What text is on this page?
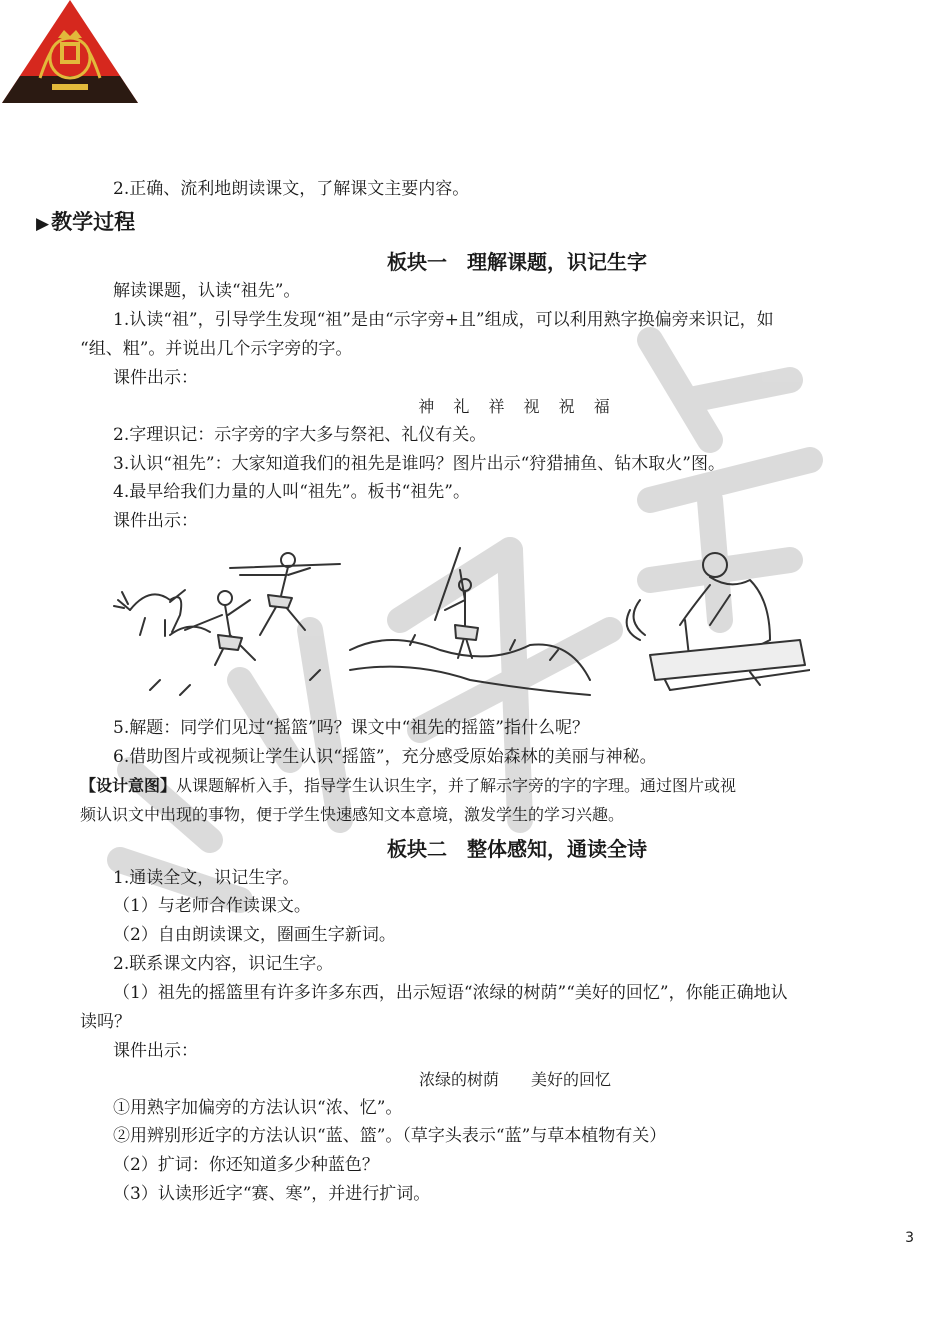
2.正确、流利地朗读课文，了解课文主要内容。
▶教学过程
板块一　理解课题，识记生字
解读课题，认读“祖先”。
1.认读“祖”，引导学生发现“祖”是由“示字旁+且”组成，可以利用熟字换偏旁来识记，如
“组、粗”。并说出几个示字旁的字。
课件出示：
神 礼 祥 视 祝 福
2.字理识记：示字旁的字大多与祭祀、礼仪有关。
3.认识“祖先”：大家知道我们的祖先是谁吗？图片出示“狩猎捕鱼、钻木取火”图。
4.最早给我们力量的人叫“祖先”。板书“祖先”。
课件出示：
5.解题：同学们见过“摇篮”吗？课文中“祖先的摇篮”指什么呢？
6.借助图片或视频让学生认识“摇篮”，充分感受原始森林的美丽与神秘。
【设计意图】从课题解析入手，指导学生认识生字，并了解示字旁的字的字理。通过图片或视
频认识文中出现的事物，便于学生快速感知文本意境，激发学生的学习兴趣。
板块二　整体感知，通读全诗
1.通读全文，识记生字。
（1）与老师合作读课文。
（2）自由朗读课文，圈画生字新词。
2.联系课文内容，识记生字。
（1）祖先的摇篮里有许多许多东西，出示短语“浓绿的树荫”“美好的回忆”，你能正确地认
读吗？
课件出示：
浓绿的树荫　　美好的回忆
①用熟字加偏旁的方法认识“浓、忆”。
②用辨别形近字的方法认识“蓝、篮”。（草字头表示“蓝”与草本植物有关）
（2）扩词：你还知道多少种蓝色？
（3）认读形近字“赛、寒”，并进行扩词。
3
